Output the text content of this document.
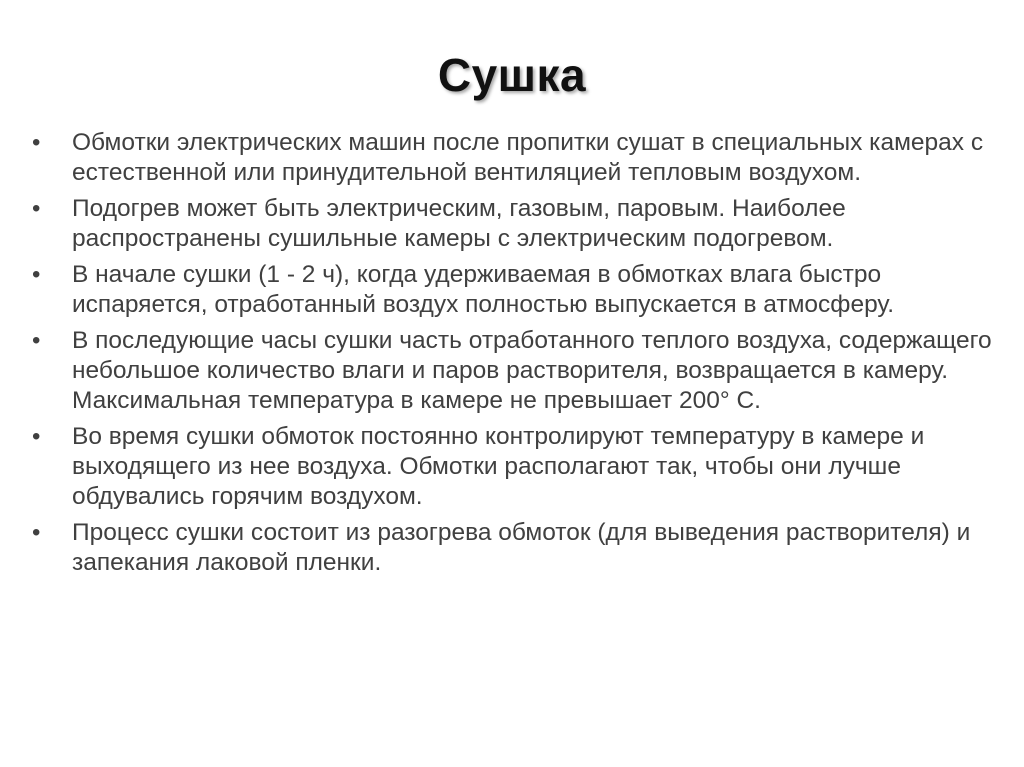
Сушка
• Обмотки электрических машин после пропитки сушат в специальных камерах с естественной или принудительной вентиляцией тепловым воздухом.
• Подогрев может быть электрическим, газовым, паровым. Наиболее распространены сушильные камеры с электрическим подогревом.
• В начале сушки (1 - 2 ч), когда удерживаемая в обмотках влага быстро испаряется, отработанный воздух полностью выпускается в атмосферу.
• В последующие часы сушки часть отработанного теплого воздуха, содержащего небольшое количество влаги и паров растворителя, возвращается в камеру. Максимальная температура в камере не превышает 200° С.
• Во время сушки обмоток постоянно контролируют температуру в камере и выходящего из нее воздуха. Обмотки располагают так, чтобы они лучше обдувались горячим воздухом.
• Процесс сушки состоит из разогрева обмоток (для выведения растворителя) и запекания лаковой пленки.
